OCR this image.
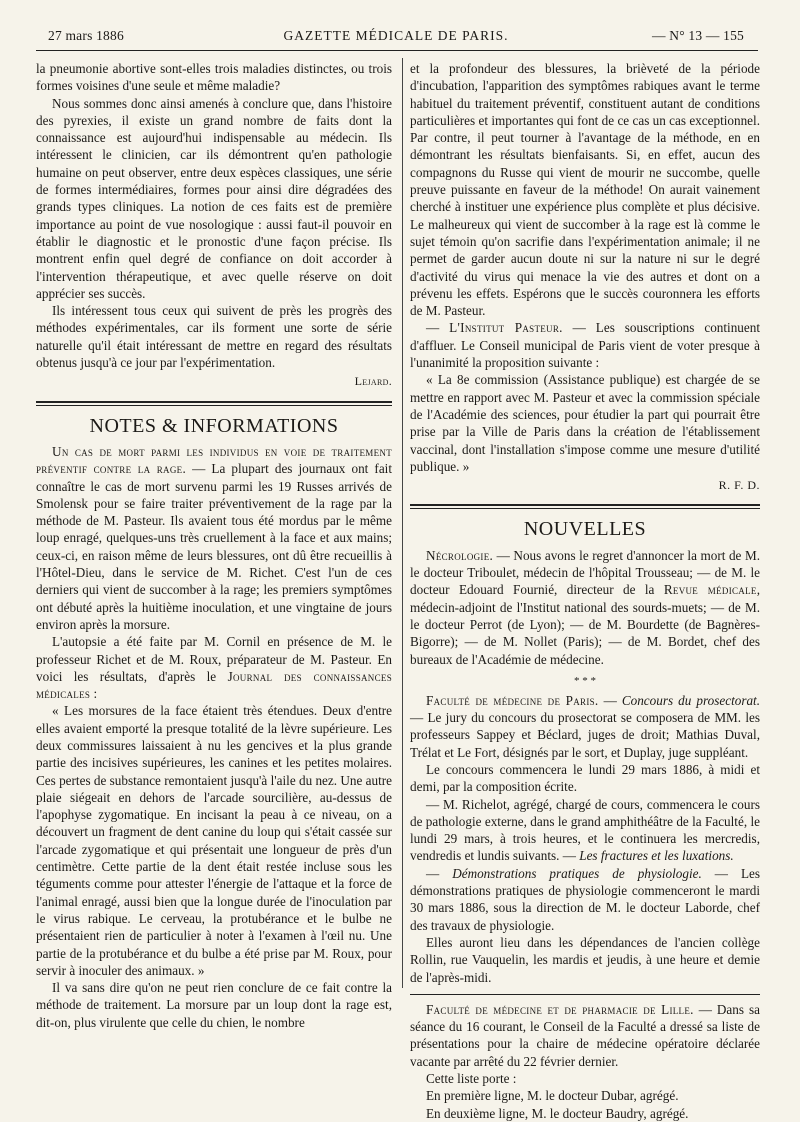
27 mars 1886	GAZETTE MÉDICALE DE PARIS.	— N° 13 — 155

la pneumonie abortive sont-elles trois maladies distinctes, ou trois formes voisines d'une seule et même maladie?

Nous sommes donc ainsi amenés à conclure que, dans l'histoire des pyrexies, il existe un grand nombre de faits dont la connaissance est aujourd'hui indispensable au médecin. Ils intéressent le clinicien, car ils démontrent qu'en pathologie humaine on peut observer, entre deux espèces classiques, une série de formes intermédiaires, formes pour ainsi dire dégradées des grands types cliniques. La notion de ces faits est de première importance au point de vue nosologique : aussi faut-il pouvoir en établir le diagnostic et le pronostic d'une façon précise. Ils montrent enfin quel degré de confiance on doit accorder à l'intervention thérapeutique, et avec quelle réserve on doit apprécier ses succès.

Ils intéressent tous ceux qui suivent de près les progrès des méthodes expérimentales, car ils forment une sorte de série naturelle qu'il était intéressant de mettre en regard des résultats obtenus jusqu'à ce jour par l'expérimentation.

Lejard.
NOTES & INFORMATIONS

Un cas de mort parmi les individus en voie de traitement préventif contre la rage. — La plupart des journaux ont fait connaître le cas de mort survenu parmi les 19 Russes arrivés de Smolensk pour se faire traiter préventivement de la rage par la méthode de M. Pasteur. Ils avaient tous été mordus par le même loup enragé, quelques-uns très cruellement à la face et aux mains; ceux-ci, en raison même de leurs blessures, ont dû être recueillis à l'Hôtel-Dieu, dans le service de M. Richet. C'est l'un de ces derniers qui vient de succomber à la rage; les premiers symptômes ont débuté après la huitième inoculation, et une vingtaine de jours environ après la morsure.

L'autopsie a été faite par M. Cornil en présence de M. le professeur Richet et de M. Roux, préparateur de M. Pasteur. En voici les résultats, d'après le Journal des connaissances médicales :

« Les morsures de la face étaient très étendues. Deux d'entre elles avaient emporté la presque totalité de la lèvre supérieure. Les deux commissures laissaient à nu les gencives et la plus grande partie des incisives supérieures, les canines et les petites molaires. Ces pertes de substance remontaient jusqu'à l'aile du nez. Une autre plaie siégeait en dehors de l'arcade sourcilière, au-dessus de l'apophyse zygomatique. En incisant la peau à ce niveau, on a découvert un fragment de dent canine du loup qui s'était cassée sur l'arcade zygomatique et qui présentait une longueur de près d'un centimètre. Cette partie de la dent était restée incluse sous les téguments comme pour attester l'énergie de l'attaque et la force de l'animal enragé, aussi bien que la longue durée de l'inoculation par le virus rabique. Le cerveau, la protubérance et le bulbe ne présentaient rien de particulier à noter à l'examen à l'œil nu. Une partie de la protubérance et du bulbe a été prise par M. Roux, pour servir à inoculer des animaux. »

Il va sans dire qu'on ne peut rien conclure de ce fait contre la méthode de traitement. La morsure par un loup dont la rage est, dit-on, plus virulente que celle du chien, le nombre

et la profondeur des blessures, la brièveté de la période d'incubation, l'apparition des symptômes rabiques avant le terme habituel du traitement préventif, constituent autant de conditions particulières et importantes qui font de ce cas un cas exceptionnel. Par contre, il peut tourner à l'avantage de la méthode, en en démontrant les résultats bienfaisants. Si, en effet, aucun des compagnons du Russe qui vient de mourir ne succombe, quelle preuve puissante en faveur de la méthode! On aurait vainement cherché à instituer une expérience plus complète et plus décisive. Le malheureux qui vient de succomber à la rage est là comme le sujet témoin qu'on sacrifie dans l'expérimentation animale; il ne permet de garder aucun doute ni sur la nature ni sur le degré d'activité du virus qui menace la vie des autres et dont on a prévenu les effets. Espérons que le succès couronnera les efforts de M. Pasteur.

— L'Institut Pasteur. — Les souscriptions continuent d'affluer. Le Conseil municipal de Paris vient de voter presque à l'unanimité la proposition suivante :

« La 8e commission (Assistance publique) est chargée de se mettre en rapport avec M. Pasteur et avec la commission spéciale de l'Académie des sciences, pour étudier la part qui pourrait être prise par la Ville de Paris dans la création de l'établissement vaccinal, dont l'installation s'impose comme une mesure d'utilité publique. »

R. F. D.
NOUVELLES

Nécrologie. — Nous avons le regret d'annoncer la mort de M. le docteur Triboulet, médecin de l'hôpital Trousseau; — de M. le docteur Edouard Fournié, directeur de la Revue médicale, médecin-adjoint de l'Institut national des sourds-muets; — de M. le docteur Perrot (de Lyon); — de M. Bourdette (de Bagnères-Bigorre); — de M. Nollet (Paris); — de M. Bordet, chef des bureaux de l'Académie de médecine.

* * *

Faculté de médecine de Paris. — Concours du prosectorat. — Le jury du concours du prosectorat se composera de MM. les professeurs Sappey et Béclard, juges de droit; Mathias Duval, Trélat et Le Fort, désignés par le sort, et Duplay, juge suppléant.

Le concours commencera le lundi 29 mars 1886, à midi et demi, par la composition écrite.

— M. Richelot, agrégé, chargé de cours, commencera le cours de pathologie externe, dans le grand amphithéâtre de la Faculté, le lundi 29 mars, à trois heures, et le continuera les mercredis, vendredis et lundis suivants. — Les fractures et les luxations.

— Démonstrations pratiques de physiologie. — Les démonstrations pratiques de physiologie commenceront le mardi 30 mars 1886, sous la direction de M. le docteur Laborde, chef des travaux de physiologie.

Elles auront lieu dans les dépendances de l'ancien collège Rollin, rue Vauquelin, les mardis et jeudis, à une heure et demie de l'après-midi.

Faculté de médecine et de pharmacie de Lille. — Dans sa séance du 16 courant, le Conseil de la Faculté a dressé sa liste de présentations pour la chaire de médecine opératoire déclarée vacante par arrêté du 22 février dernier.

Cette liste porte :

En première ligne, M. le docteur Dubar, agrégé.

En deuxième ligne, M. le docteur Baudry, agrégé.
